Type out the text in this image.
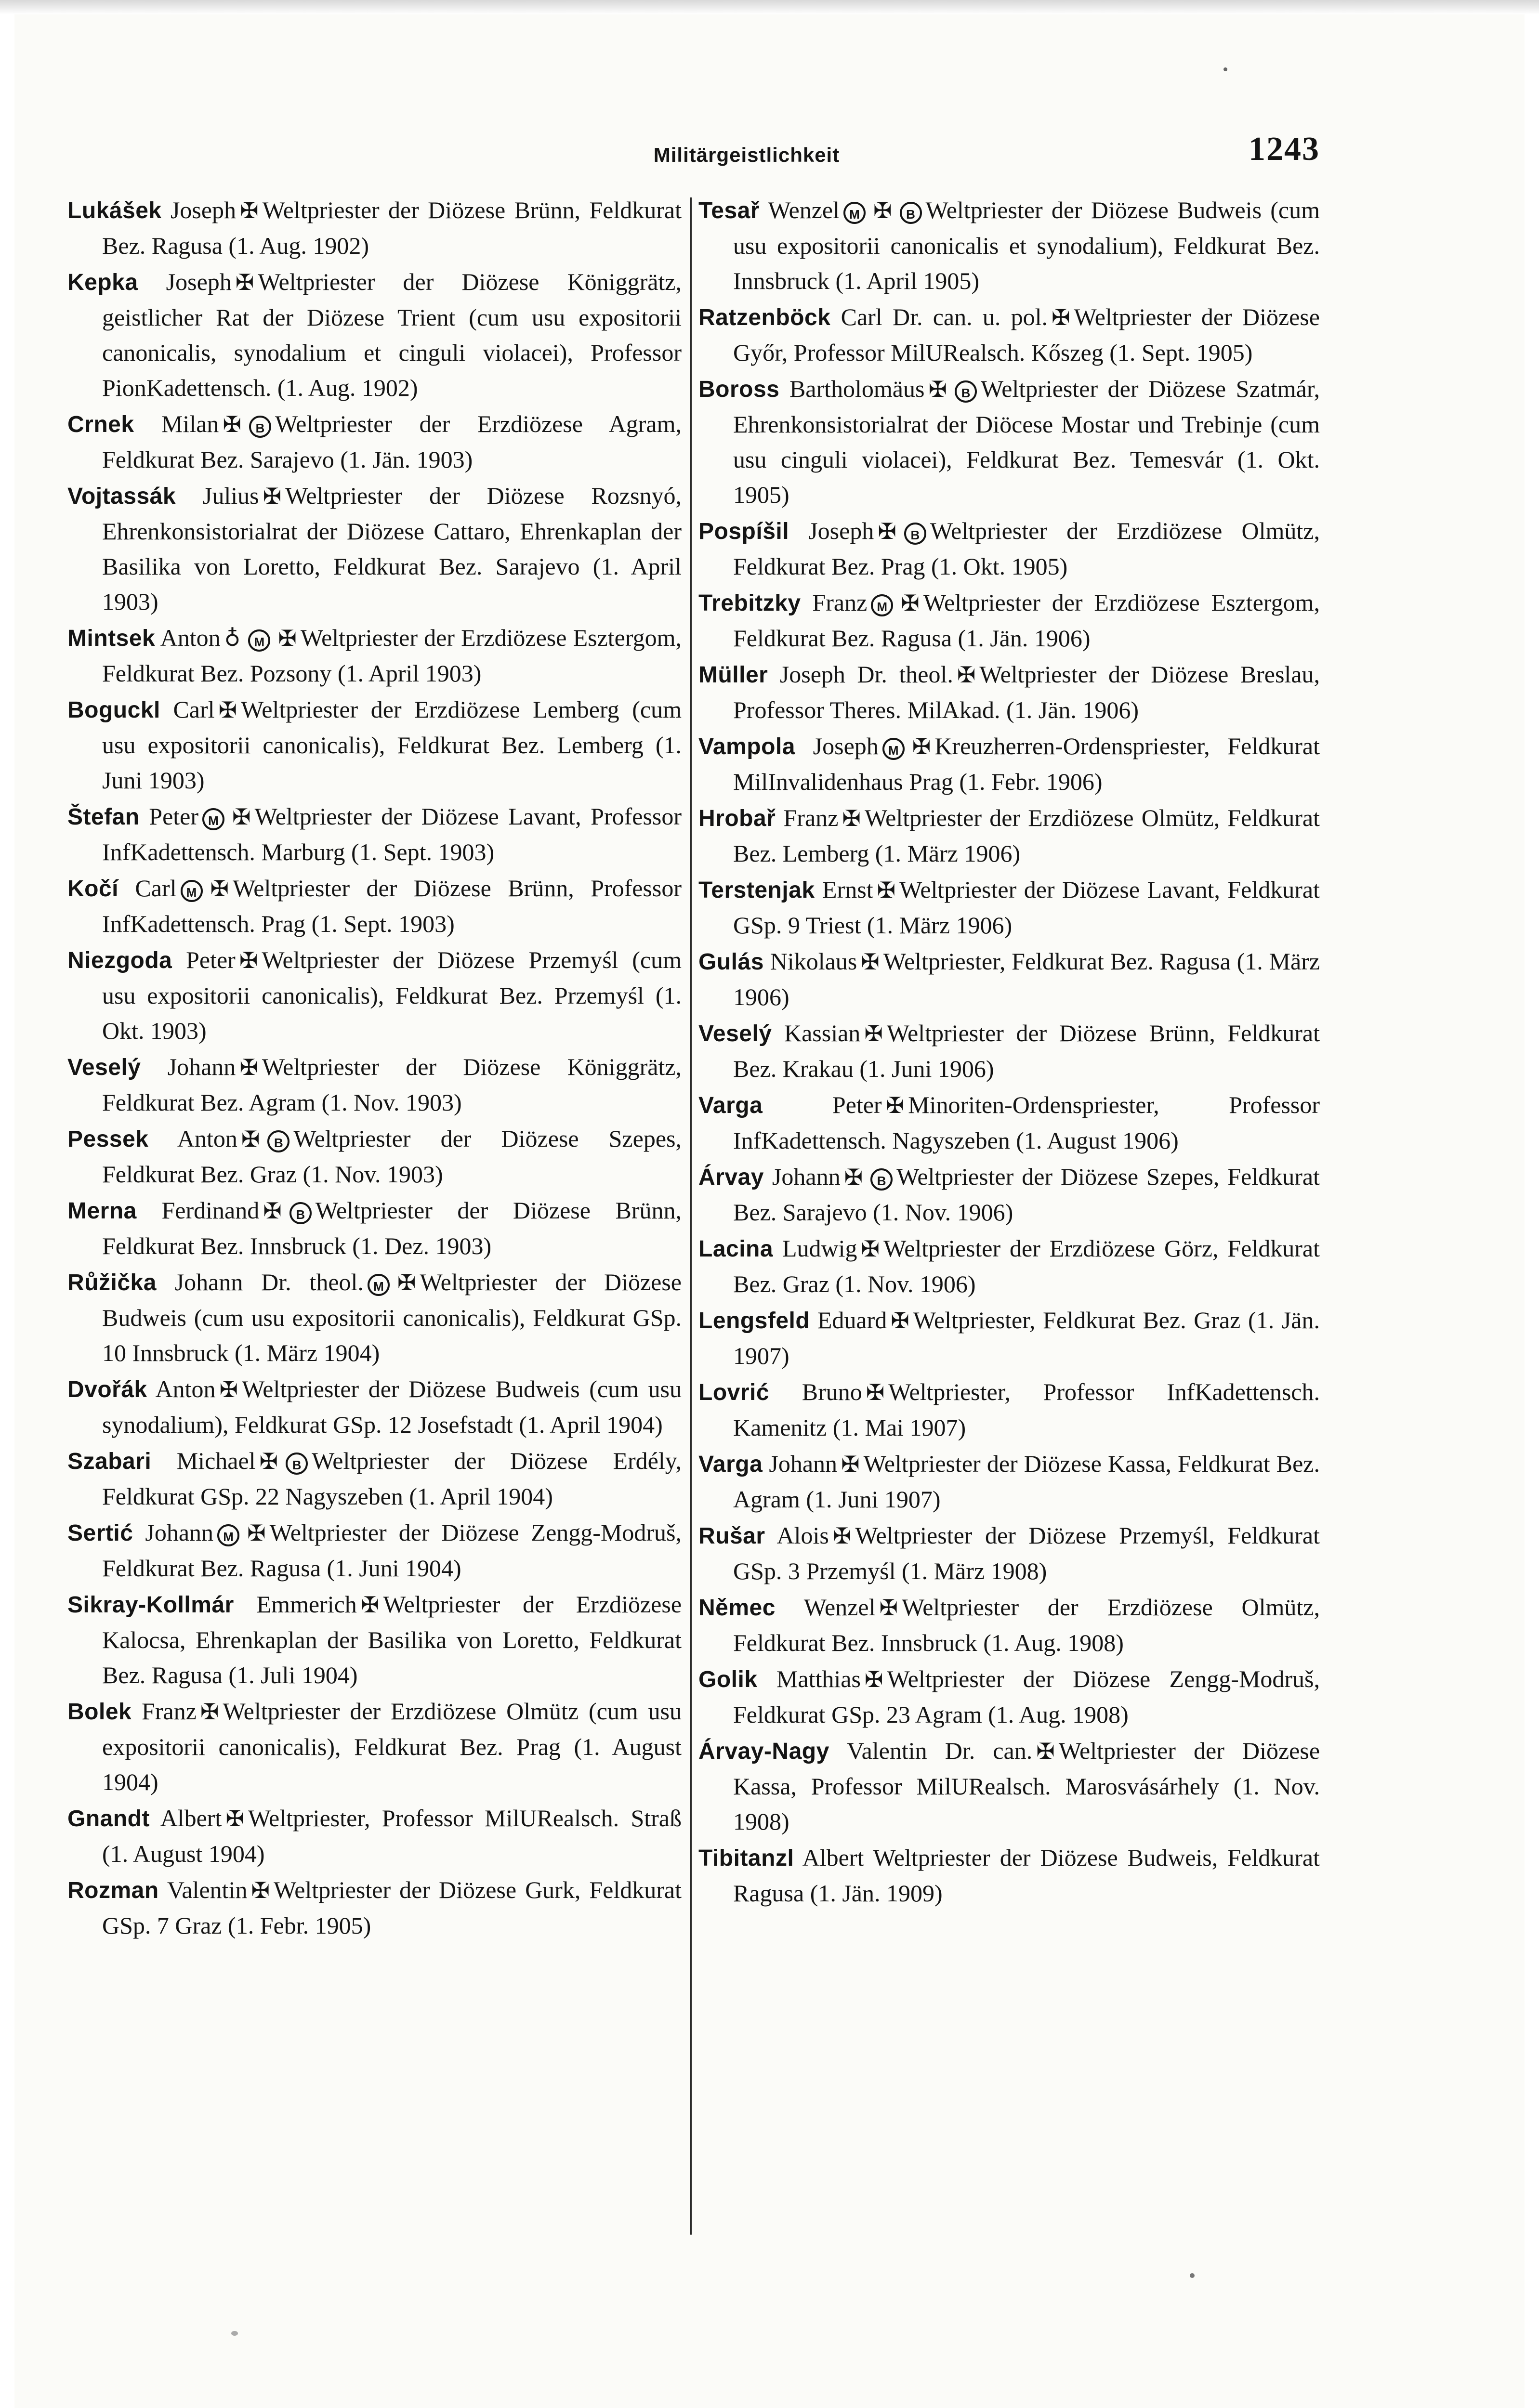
Militärgeistlichkeit	1243

Lukášek Joseph ✠ Weltpriester der Diözese Brünn, Feldkurat Bez. Ragusa (1. Aug. 1902)

Kepka Joseph ✠ Weltpriester der Diözese Königgrätz, geistlicher Rat der Diözese Trient (cum usu expositorii canonicalis, synodalium et cinguli violacei), Professor PionKadettensch. (1. Aug. 1902)

Crnek Milan ✠ B Weltpriester der Erzdiözese Agram, Feldkurat Bez. Sarajevo (1. Jän. 1903)

Vojtassák Julius ✠ Weltpriester der Diözese Rozsnyó, Ehrenkonsistorialrat der Diözese Cattaro, Ehrenkaplan der Basilika von Loretto, Feldkurat Bez. Sarajevo (1. April 1903)

Mintsek Anton ♁ M ✠ Weltpriester der Erzdiözese Esztergom, Feldkurat Bez. Pozsony (1. April 1903)

Boguckl Carl ✠ Weltpriester der Erzdiözese Lemberg (cum usu expositorii canonicalis), Feldkurat Bez. Lemberg (1. Juni 1903)

Štefan Peter M ✠ Weltpriester der Diözese Lavant, Professor InfKadettensch. Marburg (1. Sept. 1903)

Kočí Carl M ✠ Weltpriester der Diözese Brünn, Professor InfKadettensch. Prag (1. Sept. 1903)

Niezgoda Peter ✠ Weltpriester der Diözese Przemyśl (cum usu expositorii canonicalis), Feldkurat Bez. Przemyśl (1. Okt. 1903)

Veselý Johann ✠ Weltpriester der Diözese Königgrätz, Feldkurat Bez. Agram (1. Nov. 1903)

Pessek Anton ✠ B Weltpriester der Diözese Szepes, Feldkurat Bez. Graz (1. Nov. 1903)

Merna Ferdinand ✠ B Weltpriester der Diözese Brünn, Feldkurat Bez. Innsbruck (1. Dez. 1903)

Růžička Johann Dr. theol. M ✠ Weltpriester der Diözese Budweis (cum usu expositorii canonicalis), Feldkurat GSp. 10 Innsbruck (1. März 1904)

Dvořák Anton ✠ Weltpriester der Diözese Budweis (cum usu synodalium), Feldkurat GSp. 12 Josefstadt (1. April 1904)

Szabari Michael ✠ B Weltpriester der Diözese Erdély, Feldkurat GSp. 22 Nagyszeben (1. April 1904)

Sertić Johann M ✠ Weltpriester der Diözese Zengg-Modruš, Feldkurat Bez. Ragusa (1. Juni 1904)

Sikray-Kollmár Emmerich ✠ Weltpriester der Erzdiözese Kalocsa, Ehrenkaplan der Basilika von Loretto, Feldkurat Bez. Ragusa (1. Juli 1904)

Bolek Franz ✠ Weltpriester der Erzdiözese Olmütz (cum usu expositorii canonicalis), Feldkurat Bez. Prag (1. August 1904)

Gnandt Albert ✠ Weltpriester, Professor MilURealsch. Straß (1. August 1904)

Rozman Valentin ✠ Weltpriester der Diözese Gurk, Feldkurat GSp. 7 Graz (1. Febr. 1905)

Tesař Wenzel M ✠ B Weltpriester der Diözese Budweis (cum usu expositorii canonicalis et synodalium), Feldkurat Bez. Innsbruck (1. April 1905)

Ratzenböck Carl Dr. can. u. pol. ✠ Weltpriester der Diözese Győr, Professor MilURealsch. Kőszeg (1. Sept. 1905)

Boross Bartholomäus ✠ B Weltpriester der Diözese Szatmár, Ehrenkonsistorialrat der Diöcese Mostar und Trebinje (cum usu cinguli violacei), Feldkurat Bez. Temesvár (1. Okt. 1905)

Pospíšil Joseph ✠ B Weltpriester der Erzdiözese Olmütz, Feldkurat Bez. Prag (1. Okt. 1905)

Trebitzky Franz M ✠ Weltpriester der Erzdiözese Esztergom, Feldkurat Bez. Ragusa (1. Jän. 1906)

Müller Joseph Dr. theol. ✠ Weltpriester der Diözese Breslau, Professor Theres. MilAkad. (1. Jän. 1906)

Vampola Joseph M ✠ Kreuzherren-Ordenspriester, Feldkurat MilInvalidenhaus Prag (1. Febr. 1906)

Hrobař Franz ✠ Weltpriester der Erzdiözese Olmütz, Feldkurat Bez. Lemberg (1. März 1906)

Terstenjak Ernst ✠ Weltpriester der Diözese Lavant, Feldkurat GSp. 9 Triest (1. März 1906)

Gulás Nikolaus ✠ Weltpriester, Feldkurat Bez. Ragusa (1. März 1906)

Veselý Kassian ✠ Weltpriester der Diözese Brünn, Feldkurat Bez. Krakau (1. Juni 1906)

Varga	Peter ✠ Minoriten-Ordenspriester, Professor InfKadettensch. Nagyszeben (1. August 1906)

Árvay Johann ✠ B Weltpriester der Diözese Szepes, Feldkurat Bez. Sarajevo (1. Nov. 1906)

Lacina Ludwig ✠ Weltpriester der Erzdiözese Görz, Feldkurat Bez. Graz (1. Nov. 1906)

Lengsfeld Eduard ✠ Weltpriester, Feldkurat Bez. Graz (1. Jän. 1907)

Lovrić Bruno ✠ Weltpriester, Professor InfKadettensch. Kamenitz (1. Mai 1907)

Varga Johann ✠ Weltpriester der Diözese Kassa, Feldkurat Bez. Agram (1. Juni 1907)

Rušar Alois ✠ Weltpriester der Diözese Przemyśl, Feldkurat GSp. 3 Przemyśl (1. März 1908)

Němec Wenzel ✠ Weltpriester der Erzdiözese Olmütz, Feldkurat Bez. Innsbruck (1. Aug. 1908)

Golik Matthias ✠ Weltpriester der Diözese Zengg-Modruš, Feldkurat GSp. 23 Agram (1. Aug. 1908)

Árvay-Nagy Valentin Dr. can. ✠ Weltpriester der Diözese Kassa, Professor MilURealsch. Marosvásárhely (1. Nov. 1908)

Tibitanzl Albert Weltpriester der Diözese Budweis, Feldkurat Ragusa (1. Jän. 1909)
